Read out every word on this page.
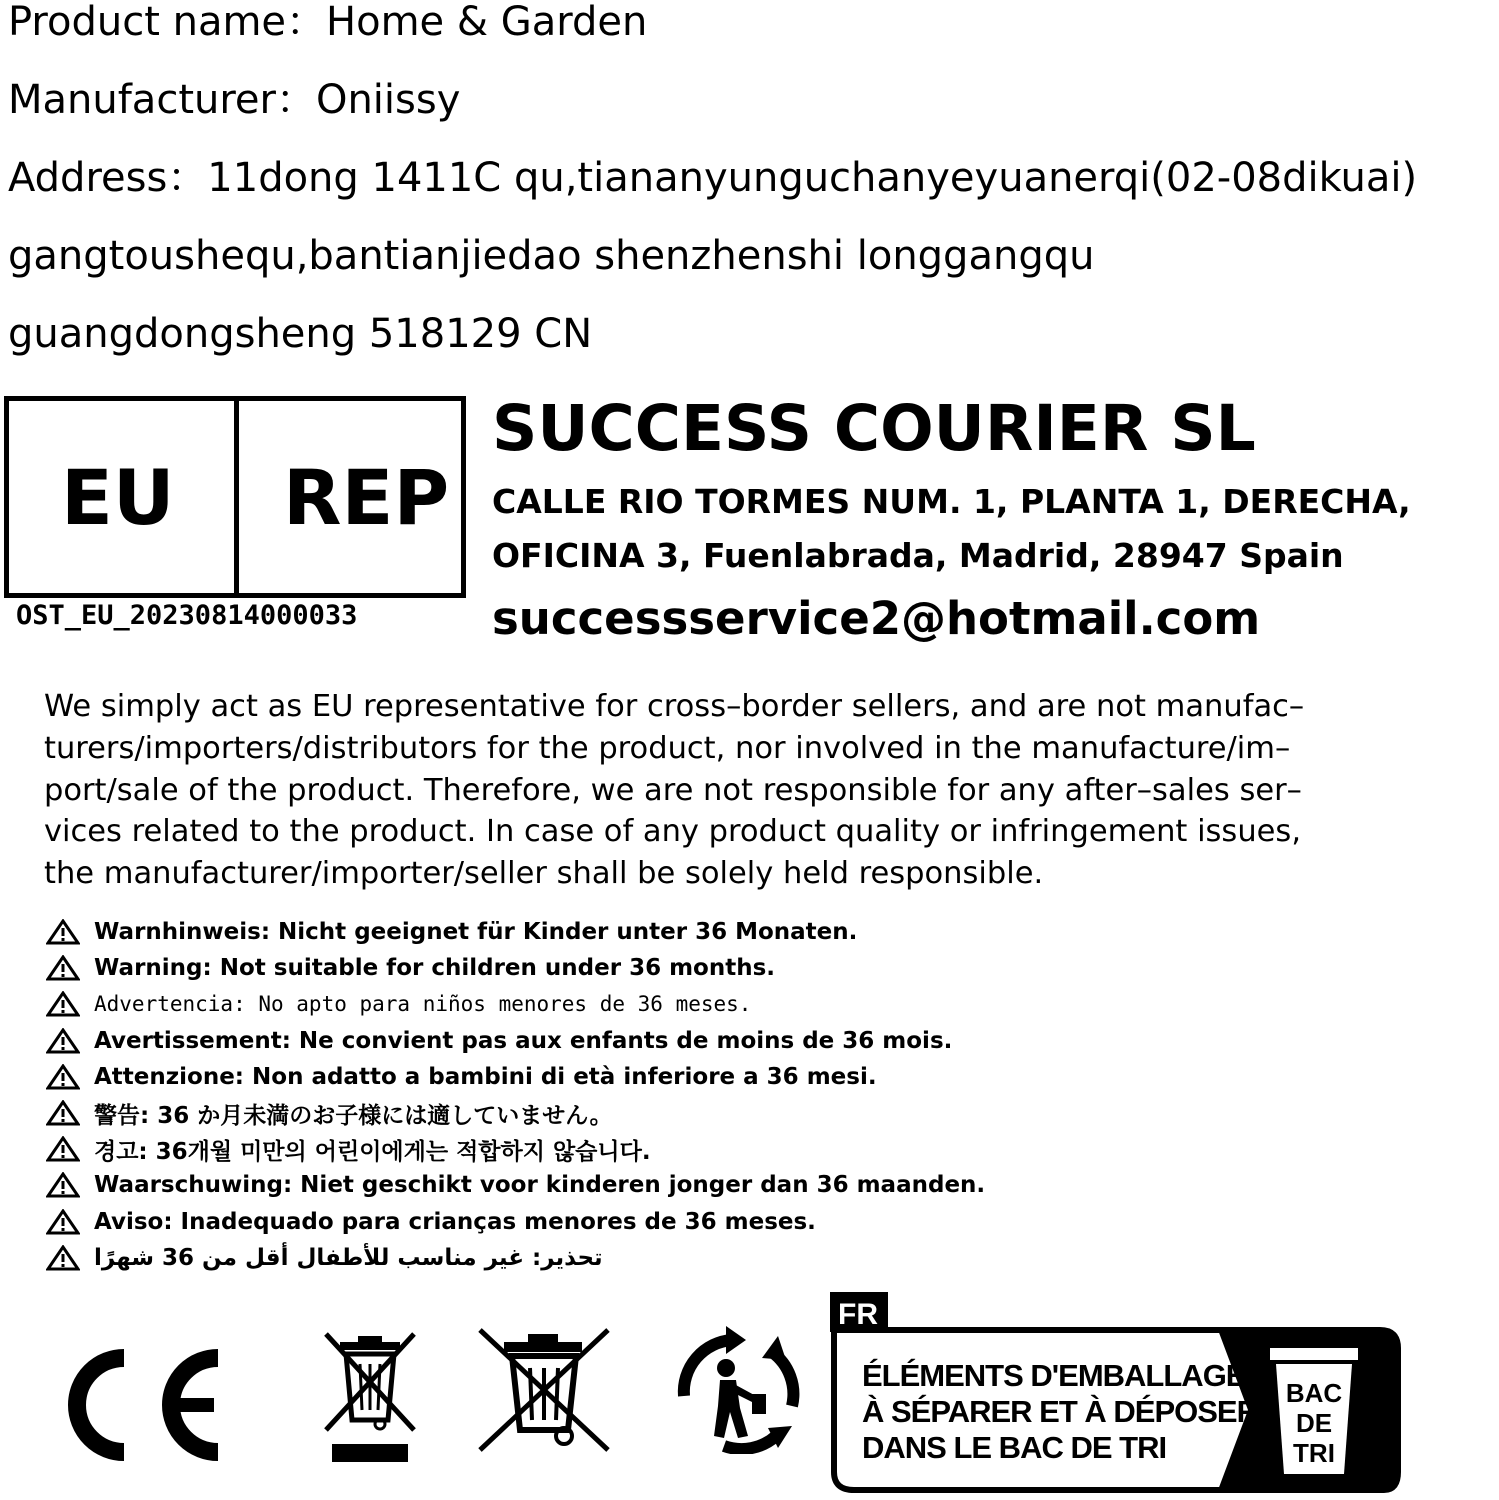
Product name：Home & Garden
Manufacturer：Oniissy
Address：11dong 1411C qu,tiananyunguchanyeyuanerqi(02-08dikuai)
gangtoushequ,bantianjiedao shenzhenshi longgangqu
guangdongsheng 518129 CN
EU REP
OST_EU_20230814000033
SUCCESS COURIER SL
CALLE RIO TORMES NUM. 1, PLANTA 1, DERECHA,
OFICINA 3, Fuenlabrada, Madrid, 28947 Spain
successservice2@hotmail.com
We simply act as EU representative for cross–border sellers, and are not manufac–
turers/importers/distributors for the product, nor involved in the manufacture/im–
port/sale of the product. Therefore, we are not responsible for any after–sales ser–
vices related to the product. In case of any product quality or infringement issues,
the manufacturer/importer/seller shall be solely held responsible.
Warnhinweis: Nicht geeignet für Kinder unter 36 Monaten.
Warning: Not suitable for children under 36 months.
Advertencia: No apto para niños menores de 36 meses.
Avertissement: Ne convient pas aux enfants de moins de 36 mois.
Attenzione: Non adatto a bambini di età inferiore a 36 mesi.
警告: 36 か月未満のお子様には適していません。
경고: 36개월 미만의 어린이에게는 적합하지 않습니다.
Waarschuwing: Niet geschikt voor kinderen jonger dan 36 maanden.
Aviso: Inadequado para crianças menores de 36 meses.
تحذير: غير مناسب للأطفال أقل من 36 شهرًا
FR
ÉLÉMENTS D'EMBALLAGE
À SÉPARER ET À DÉPOSER
DANS LE BAC DE TRI
BAC
DE
TRI
